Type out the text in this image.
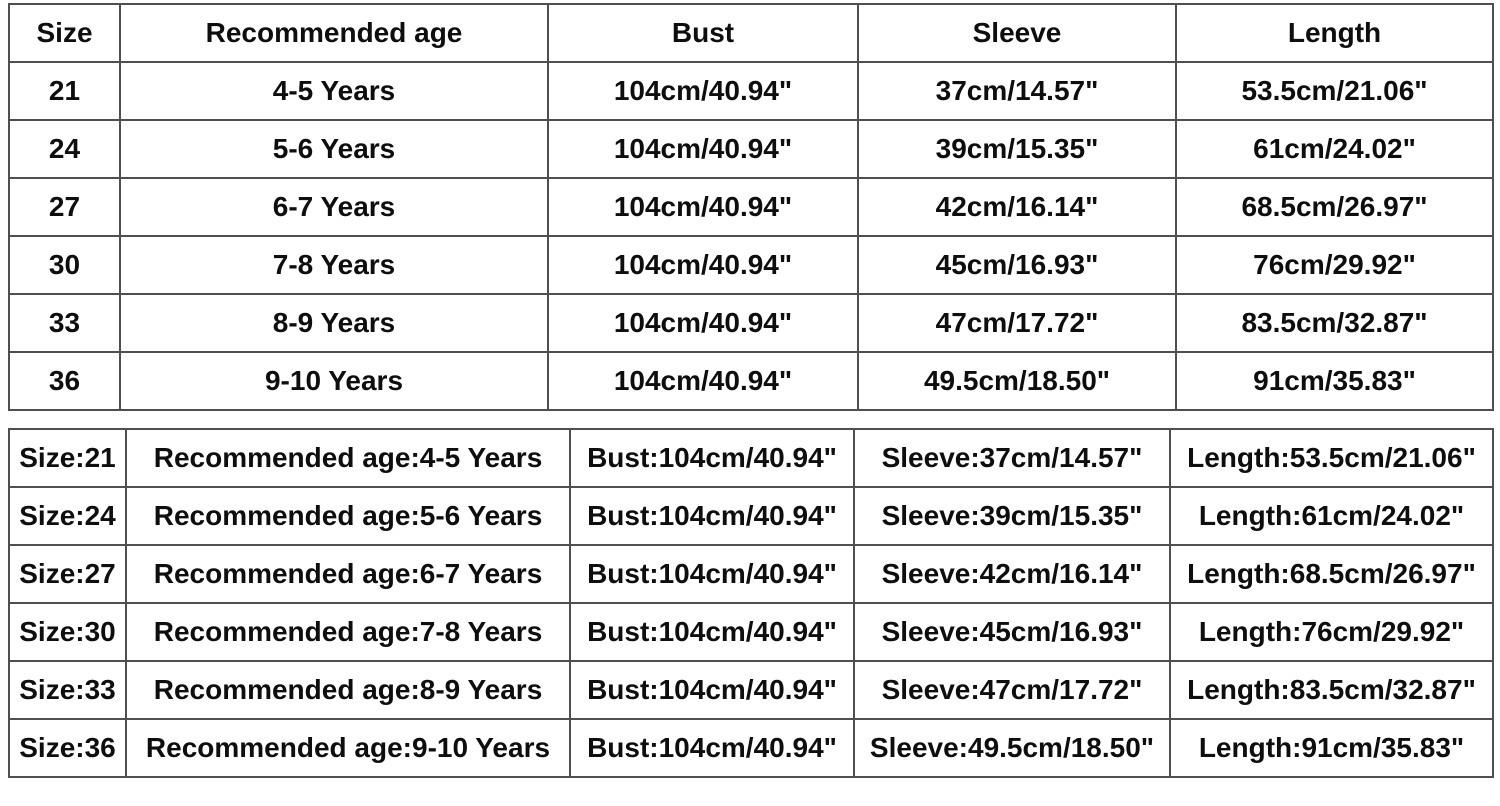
Size	Recommended age	Bust	Sleeve	Length
21	4-5 Years	104cm/40.94"	37cm/14.57"	53.5cm/21.06"
24	5-6 Years	104cm/40.94"	39cm/15.35"	61cm/24.02"
27	6-7 Years	104cm/40.94"	42cm/16.14"	68.5cm/26.97"
30	7-8 Years	104cm/40.94"	45cm/16.93"	76cm/29.92"
33	8-9 Years	104cm/40.94"	47cm/17.72"	83.5cm/32.87"
36	9-10 Years	104cm/40.94"	49.5cm/18.50"	91cm/35.83"
Size:21	Recommended age:4-5 Years	Bust:104cm/40.94"	Sleeve:37cm/14.57"	Length:53.5cm/21.06"
Size:24	Recommended age:5-6 Years	Bust:104cm/40.94"	Sleeve:39cm/15.35"	Length:61cm/24.02"
Size:27	Recommended age:6-7 Years	Bust:104cm/40.94"	Sleeve:42cm/16.14"	Length:68.5cm/26.97"
Size:30	Recommended age:7-8 Years	Bust:104cm/40.94"	Sleeve:45cm/16.93"	Length:76cm/29.92"
Size:33	Recommended age:8-9 Years	Bust:104cm/40.94"	Sleeve:47cm/17.72"	Length:83.5cm/32.87"
Size:36	Recommended age:9-10 Years	Bust:104cm/40.94"	Sleeve:49.5cm/18.50"	Length:91cm/35.83"
